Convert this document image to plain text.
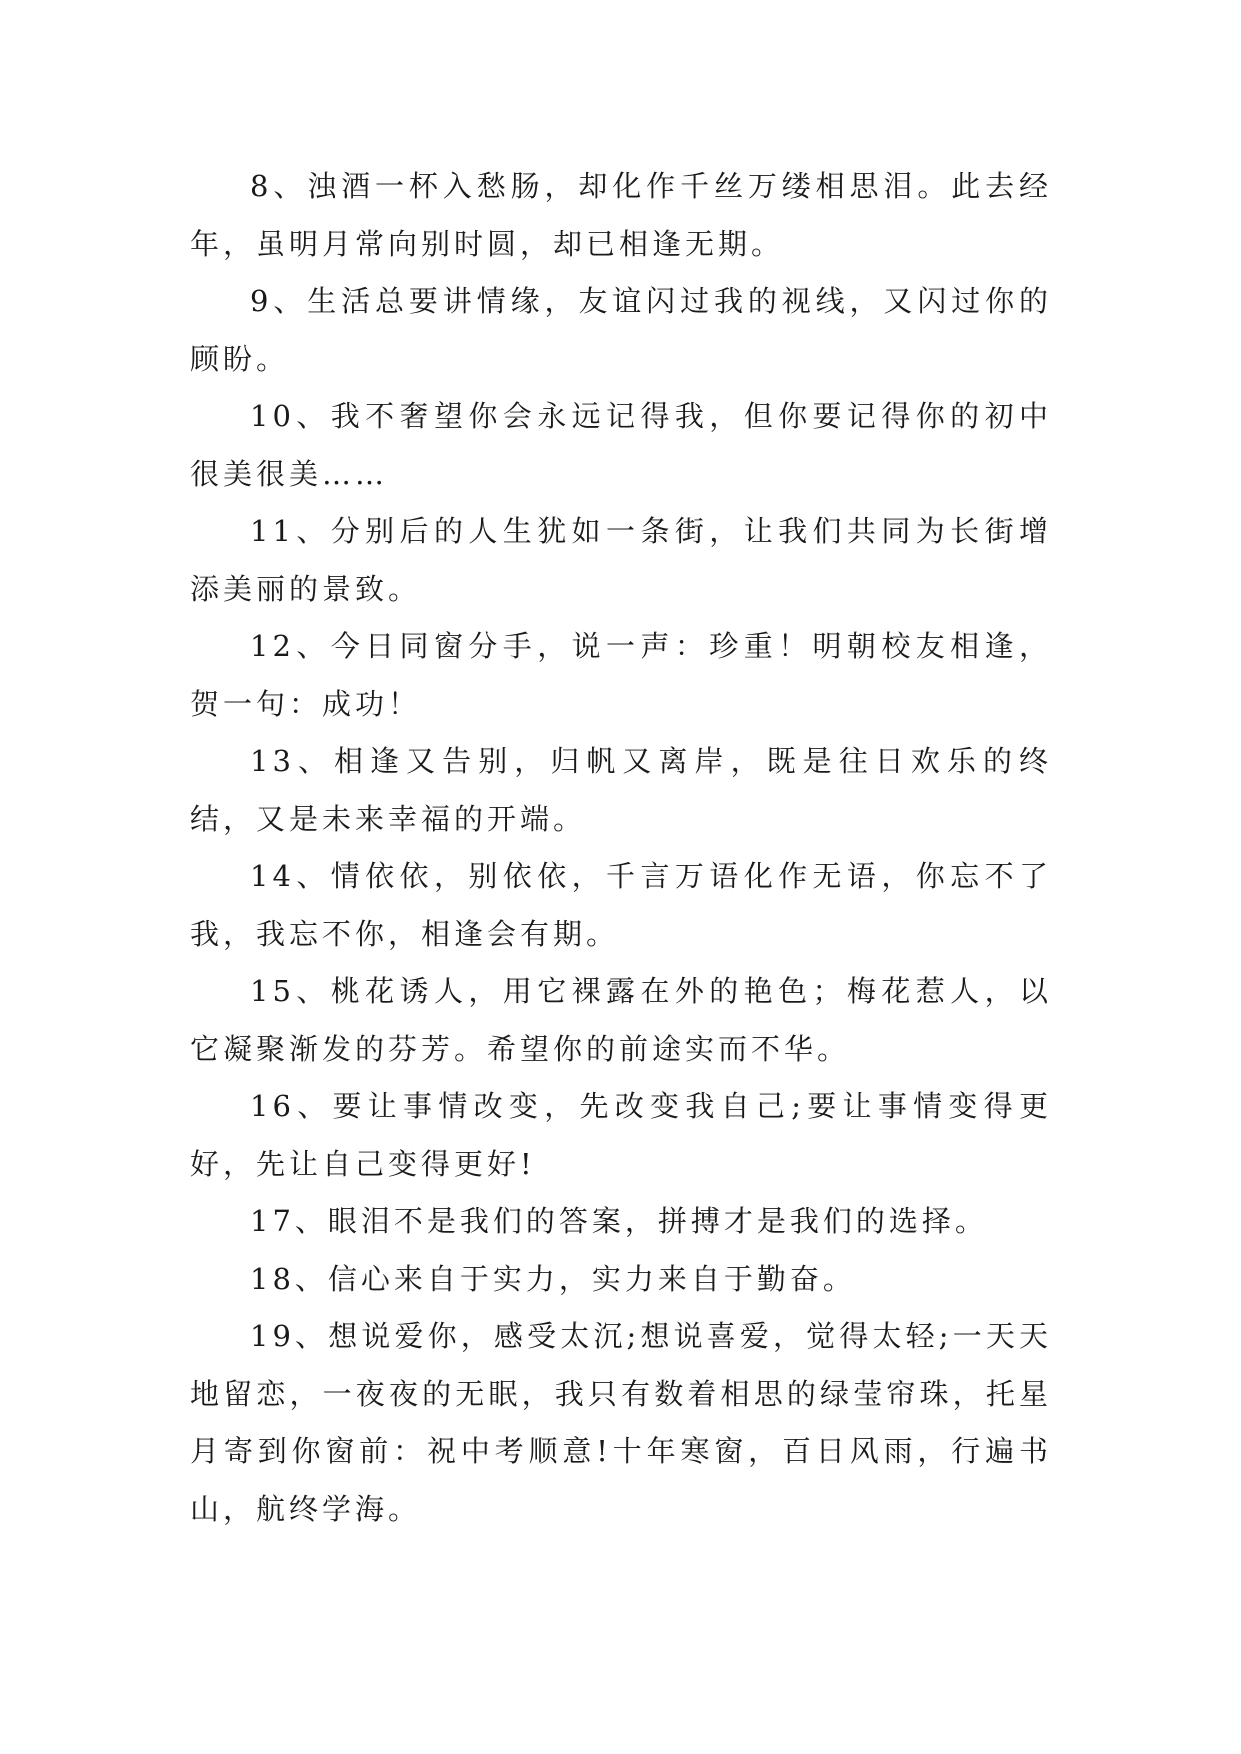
8、浊酒一杯入愁肠，却化作千丝万缕相思泪。此去经年，虽明月常向别时圆，却已相逢无期。

9、生活总要讲情缘，友谊闪过我的视线，又闪过你的顾盼。

10、我不奢望你会永远记得我，但你要记得你的初中很美很美……

11、分别后的人生犹如一条街，让我们共同为长街增添美丽的景致。

12、今日同窗分手，说一声：珍重！明朝校友相逢，贺一句：成功！

13、相逢又告别，归帆又离岸，既是往日欢乐的终结，又是未来幸福的开端。

14、情依依，别依依，千言万语化作无语，你忘不了我，我忘不你，相逢会有期。

15、桃花诱人，用它裸露在外的艳色；梅花惹人，以它凝聚渐发的芬芳。希望你的前途实而不华。

16、要让事情改变，先改变我自己;要让事情变得更好，先让自己变得更好!

17、眼泪不是我们的答案，拼搏才是我们的选择。

18、信心来自于实力，实力来自于勤奋。

19、想说爱你，感受太沉;想说喜爱，觉得太轻;一天天地留恋，一夜夜的无眠，我只有数着相思的绿莹帘珠，托星月寄到你窗前：祝中考顺意!十年寒窗，百日风雨，行遍书山，航终学海。
